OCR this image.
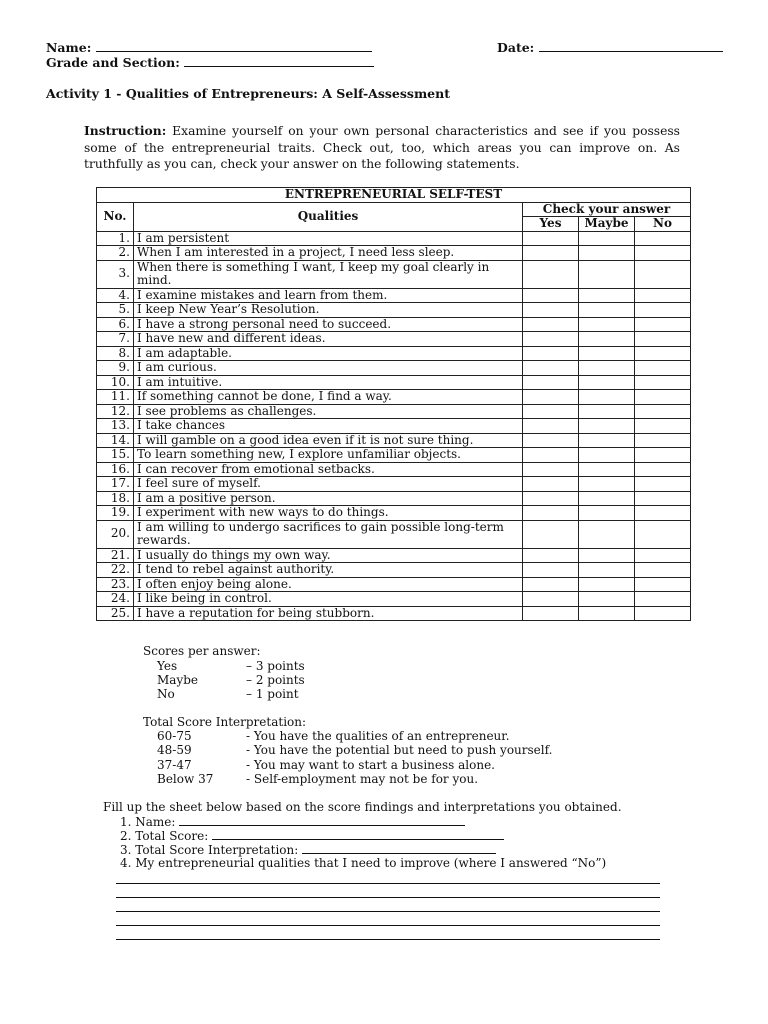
Name:	Date:
Grade and Section:
Activity 1 - Qualities of Entrepreneurs: A Self-Assessment
Instruction: Examine yourself on your own personal characteristics and see if you possess some of the entrepreneurial traits. Check out, too, which areas you can improve on. As truthfully as you can, check your answer on the following statements.
ENTREPRENEURIAL SELF-TEST				
No.	Qualities	Check your answer		
		Yes	Maybe	No
1.	I am persistent			
2.	When I am interested in a project, I need less sleep.			
3.	When there is something I want, I keep my goal clearly in mind.			
4.	I examine mistakes and learn from them.			
5.	I keep New Year’s Resolution.			
6.	I have a strong personal need to succeed.			
7.	I have new and different ideas.			
8.	I am adaptable.			
9.	I am curious.			
10.	I am intuitive.			
11.	If something cannot be done, I find a way.			
12.	I see problems as challenges.			
13.	I take chances			
14.	I will gamble on a good idea even if it is not sure thing.			
15.	To learn something new, I explore unfamiliar objects.			
16.	I can recover from emotional setbacks.			
17.	I feel sure of myself.			
18.	I am a positive person.			
19.	I experiment with new ways to do things.			
20.	I am willing to undergo sacrifices to gain possible long-term rewards.			
21.	I usually do things my own way.			
22.	I tend to rebel against authority.			
23.	I often enjoy being alone.			
24.	I like being in control.			
25.	I have a reputation for being stubborn.			
Scores per answer:
Yes	– 3 points
Maybe	– 2 points
No	– 1 point
Total Score Interpretation:
60-75	- You have the qualities of an entrepreneur.
48-59	- You have the potential but need to push yourself.
37-47	- You may want to start a business alone.
Below 37	- Self-employment may not be for you.
Fill up the sheet below based on the score findings and interpretations you obtained.
1. Name:
2. Total Score:
3. Total Score Interpretation:
4. My entrepreneurial qualities that I need to improve (where I answered “No”)
